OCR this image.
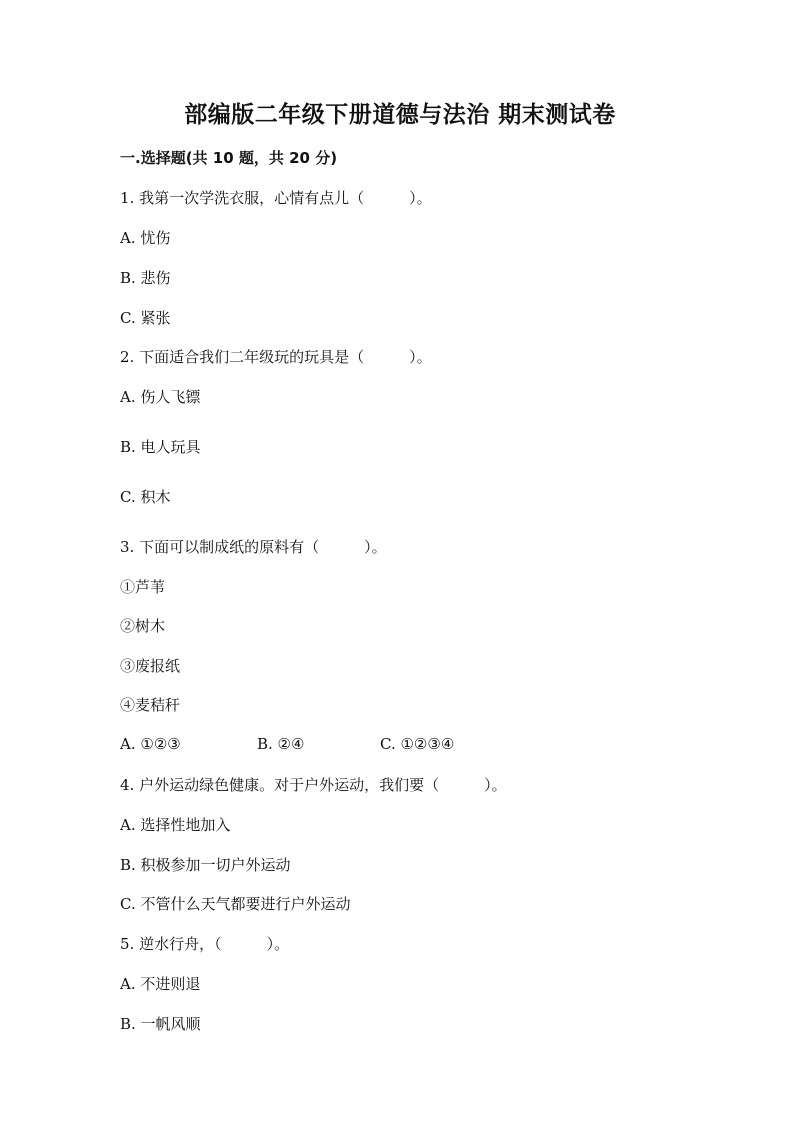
部编版二年级下册道德与法治 期末测试卷
一.选择题(共 10 题，共 20 分)
1. 我第一次学洗衣服，心情有点儿（　　　）。
A. 忧伤
B. 悲伤
C. 紧张
2. 下面适合我们二年级玩的玩具是（　　　）。
A. 伤人飞镖
B. 电人玩具
C. 积木
3. 下面可以制成纸的原料有（　　　）。
①芦苇
②树木
③废报纸
④麦秸秆
A. ①②③	B. ②④	C. ①②③④
4. 户外运动绿色健康。对于户外运动，我们要（　　　）。
A. 选择性地加入
B. 积极参加一切户外运动
C. 不管什么天气都要进行户外运动
5. 逆水行舟，（　　　）。
A. 不进则退
B. 一帆风顺
